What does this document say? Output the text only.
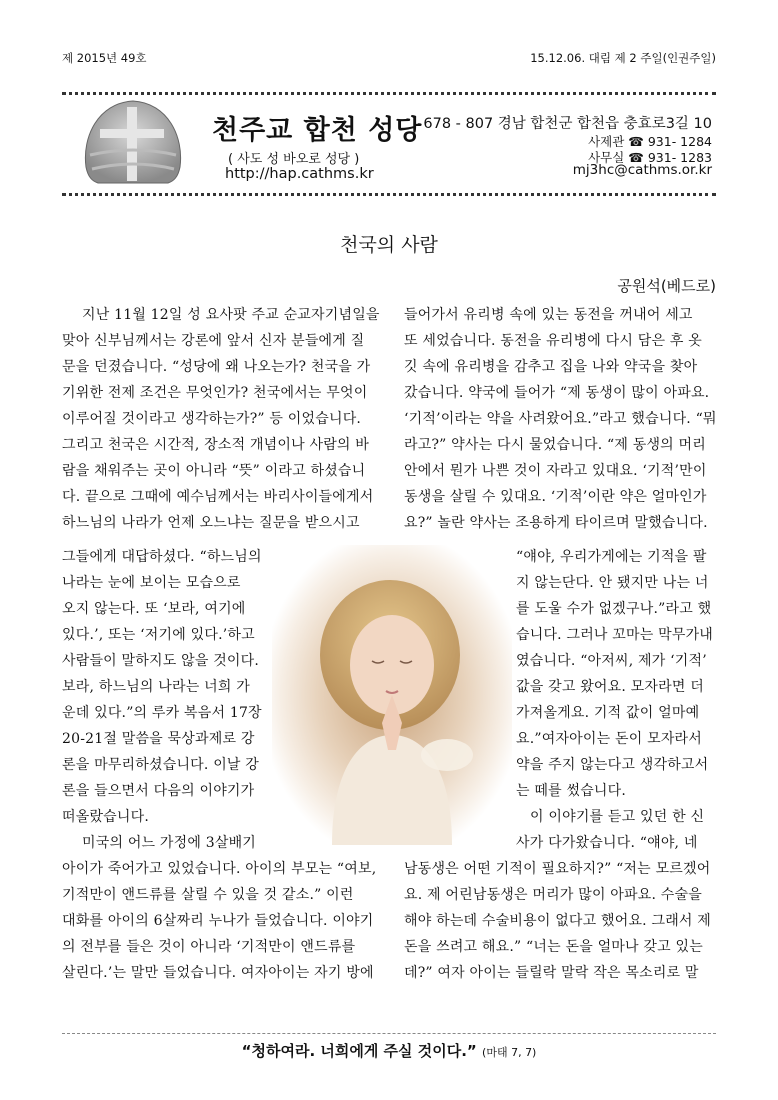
제 2015년 49호	15.12.06. 대림 제 2 주일(인권주일)
천주교 합천 성당
( 사도 성 바오로 성당 )
http://hap.cathms.kr
678 - 807 경남 합천군 합천읍 충효로3길 10
사제관 ☎ 931- 1284
사무실 ☎ 931- 1283
mj3hc@cathms.or.kr
천국의 사람
공원석(베드로)
지난 11월 12일 성 요사팟 주교 순교자기념일을
맞아 신부님께서는 강론에 앞서 신자 분들에게 질
문을 던졌습니다. “성당에 왜 나오는가? 천국을 가
기위한 전제 조건은 무엇인가? 천국에서는 무엇이
이루어질 것이라고 생각하는가?” 등 이었습니다.
그리고 천국은 시간적, 장소적 개념이나 사람의 바
람을 채워주는 곳이 아니라 “뜻” 이라고 하셨습니
다. 끝으로 그때에 예수님께서는 바리사이들에게서
하느님의 나라가 언제 오느냐는 질문을 받으시고
그들에게 대답하셨다. “하느님의
나라는 눈에 보이는 모습으로
오지 않는다. 또 ‘보라, 여기에
있다.’, 또는 ‘저기에 있다.’하고
사람들이 말하지도 않을 것이다.
보라, 하느님의 나라는 너희 가
운데 있다.”의 루카 복음서 17장
20-21절 말씀을 묵상과제로 강
론을 마무리하셨습니다. 이날 강
론을 들으면서 다음의 이야기가
떠올랐습니다.
미국의 어느 가정에 3살배기
아이가 죽어가고 있었습니다. 아이의 부모는 “여보,
기적만이 앤드류를 살릴 수 있을 것 같소.” 이런
대화를 아이의 6살짜리 누나가 들었습니다. 이야기
의 전부를 들은 것이 아니라 ‘기적만이 앤드류를
살린다.’는 말만 들었습니다. 여자아이는 자기 방에
들어가서 유리병 속에 있는 동전을 꺼내어 세고
또 세었습니다. 동전을 유리병에 다시 담은 후 옷
깃 속에 유리병을 감추고 집을 나와 약국을 찾아
갔습니다. 약국에 들어가 “제 동생이 많이 아파요.
‘기적’이라는 약을 사려왔어요.”라고 했습니다. “뭐
라고?” 약사는 다시 물었습니다. “제 동생의 머리
안에서 뭔가 나쁜 것이 자라고 있대요. ‘기적’만이
동생을 살릴 수 있대요. ‘기적’이란 약은 얼마인가
요?” 놀란 약사는 조용하게 타이르며 말했습니다.
“얘야, 우리가게에는 기적을 팔
지 않는단다. 안 됐지만 나는 너
를 도울 수가 없겠구나.”라고 했
습니다. 그러나 꼬마는 막무가내
였습니다. “아저씨, 제가 ‘기적’
값을 갖고 왔어요. 모자라면 더
가져올게요. 기적 값이 얼마예
요.”여자아이는 돈이 모자라서
약을 주지 않는다고 생각하고서
는 떼를 썼습니다.
이 이야기를 듣고 있던 한 신
사가 다가왔습니다. “얘야, 네
남동생은 어떤 기적이 필요하지?” “저는 모르겠어
요. 제 어린남동생은 머리가 많이 아파요. 수술을
해야 하는데 수술비용이 없다고 했어요. 그래서 제
돈을 쓰려고 해요.” “너는 돈을 얼마나 갖고 있는
데?” 여자 아이는 들릴락 말락 작은 목소리로 말
“청하여라. 너희에게 주실 것이다.” (마태 7, 7)
